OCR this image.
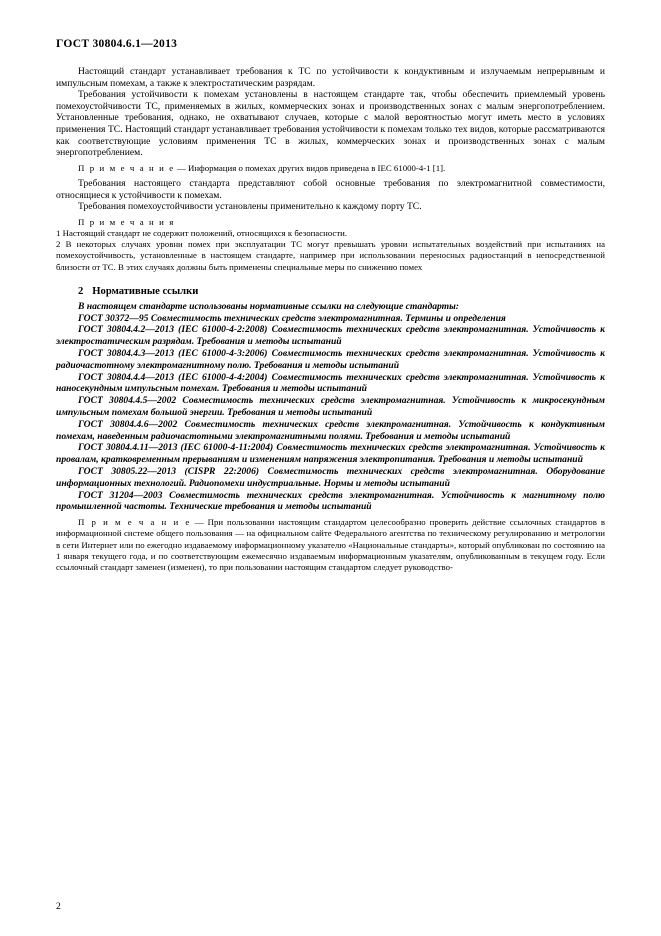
ГОСТ 30804.6.1—2013

Настоящий стандарт устанавливает требования к ТС по устойчивости к кондуктивным и излучаемым непрерывным и импульсным помехам, а также к электростатическим разрядам.

Требования устойчивости к помехам установлены в настоящем стандарте так, чтобы обеспечить приемлемый уровень помехоустойчивости ТС, применяемых в жилых, коммерческих зонах и производственных зонах с малым энергопотреблением. Установленные требования, однако, не охватывают случаев, которые с малой вероятностью могут иметь место в условиях применения ТС. Настоящий стандарт устанавливает требования устойчивости к помехам только тех видов, которые рассматриваются как соответствующие условиям применения ТС в жилых, коммерческих зонах и производственных зонах с малым энергопотреблением.

П р и м е ч а н и е — Информация о помехах других видов приведена в IEC 61000-4-1 [1].

Требования настоящего стандарта представляют собой основные требования по электромагнитной совместимости, относящиеся к устойчивости к помехам.

Требования помехоустойчивости установлены применительно к каждому порту ТС.

П р и м е ч а н и я

1 Настоящий стандарт не содержит положений, относящихся к безопасности.

2 В некоторых случаях уровни помех при эксплуатации ТС могут превышать уровни испытательных воздействий при испытаниях на помехоустойчивость, установленные в настоящем стандарте, например при использовании переносных радиостанций в непосредственной близости от ТС. В этих случаях должны быть применены специальные меры по снижению помех

2 Нормативные ссылки

В настоящем стандарте использованы нормативные ссылки на следующие стандарты:

ГОСТ 30372—95 Совместимость технических средств электромагнитная. Термины и определения

ГОСТ 30804.4.2—2013 (IEC 61000-4-2:2008) Совместимость технических средств электромагнитная. Устойчивость к электростатическим разрядам. Требования и методы испытаний

ГОСТ 30804.4.3—2013 (IEC 61000-4-3:2006) Совместимость технических средств электромагнитная. Устойчивость к радиочастотному электромагнитному полю. Требования и методы испытаний

ГОСТ 30804.4.4—2013 (IEC 61000-4-4:2004) Совместимость технических средств электромагнитная. Устойчивость к наносекундным импульсным помехам. Требования и методы испытаний

ГОСТ 30804.4.5—2002 Совместимость технических средств электромагнитная. Устойчивость к микросекундным импульсным помехам большой энергии. Требования и методы испытаний

ГОСТ 30804.4.6—2002 Совместимость технических средств электромагнитная. Устойчивость к кондуктивным помехам, наведенным радиочастотными электромагнитными полями. Требования и методы испытаний

ГОСТ 30804.4.11—2013 (IEC 61000-4-11:2004) Совместимость технических средств электромагнитная. Устойчивость к провалам, кратковременным прерываниям и изменениям напряжения электропитания. Требования и методы испытаний

ГОСТ 30805.22—2013 (CISPR 22:2006) Совместимость технических средств электромагнитная. Оборудование информационных технологий. Радиопомехи индустриальные. Нормы и методы испытаний

ГОСТ 31204—2003 Совместимость технических средств электромагнитная. Устойчивость к магнитному полю промышленной частоты. Технические требования и методы испытаний

П р и м е ч а н и е — При пользовании настоящим стандартом целесообразно проверить действие ссылочных стандартов в информационной системе общего пользования — на официальном сайте Федерального агентства по техническому регулированию и метрологии в сети Интернет или по ежегодно издаваемому информационному указателю «Национальные стандарты», который опубликован по состоянию на 1 января текущего года, и по соответствующим ежемесячно издаваемым информационным указателям, опубликованным в текущем году. Если ссылочный стандарт заменен (изменен), то при пользовании настоящим стандартом следует руководство-

2
